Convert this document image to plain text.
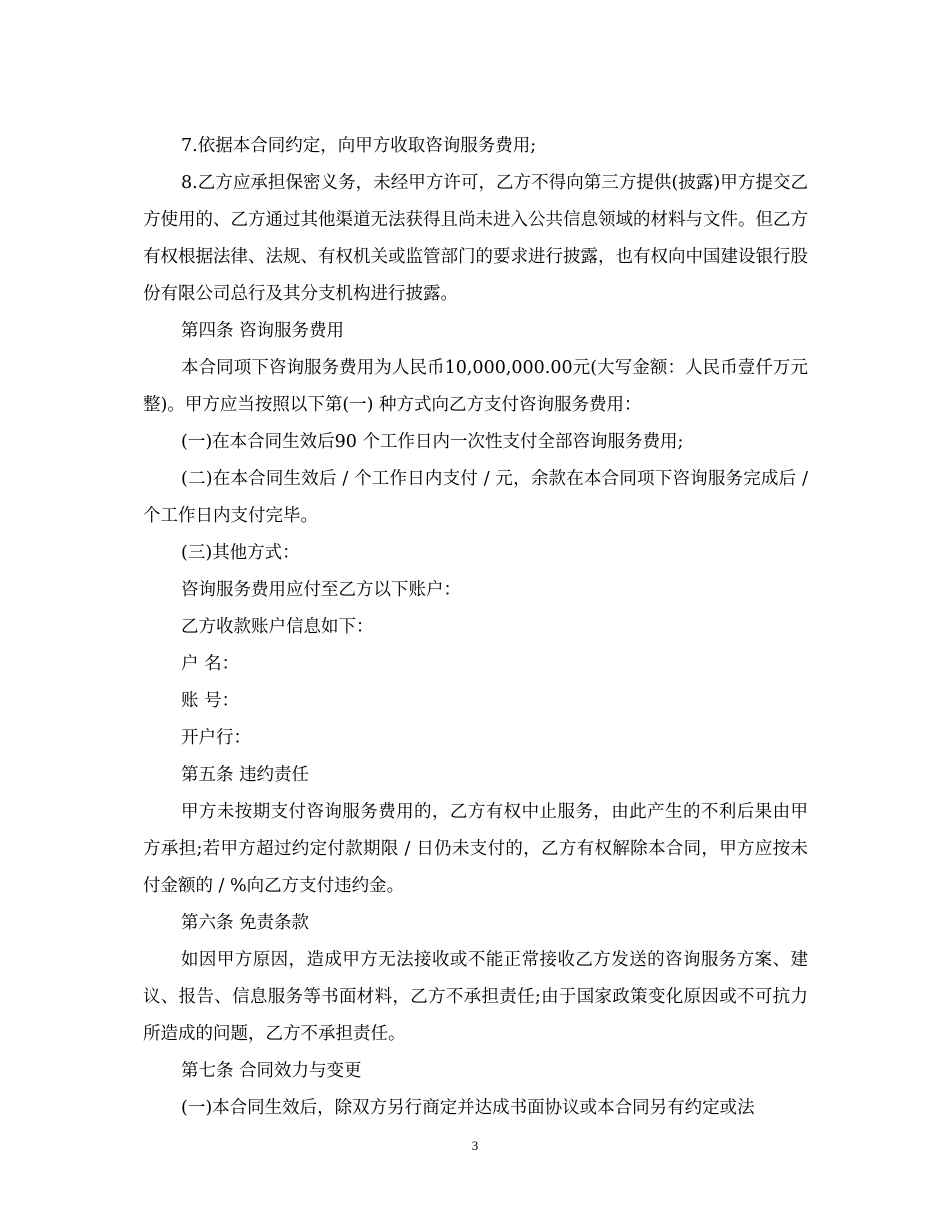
7.依据本合同约定，向甲方收取咨询服务费用;

8.乙方应承担保密义务，未经甲方许可，乙方不得向第三方提供(披露)甲方提交乙方使用的、乙方通过其他渠道无法获得且尚未进入公共信息领域的材料与文件。但乙方有权根据法律、法规、有权机关或监管部门的要求进行披露，也有权向中国建设银行股份有限公司总行及其分支机构进行披露。

第四条 咨询服务费用

本合同项下咨询服务费用为人民币10,000,000.00元(大写金额：人民币壹仟万元整)。甲方应当按照以下第(一) 种方式向乙方支付咨询服务费用：

(一)在本合同生效后90 个工作日内一次性支付全部咨询服务费用;

(二)在本合同生效后 / 个工作日内支付 / 元，余款在本合同项下咨询服务完成后 / 个工作日内支付完毕。

(三)其他方式：

咨询服务费用应付至乙方以下账户：

乙方收款账户信息如下：

户 名：

账 号：

开户行：

第五条 违约责任

甲方未按期支付咨询服务费用的，乙方有权中止服务，由此产生的不利后果由甲方承担;若甲方超过约定付款期限 / 日仍未支付的，乙方有权解除本合同，甲方应按未付金额的 / %向乙方支付违约金。

第六条 免责条款

如因甲方原因，造成甲方无法接收或不能正常接收乙方发送的咨询服务方案、建议、报告、信息服务等书面材料，乙方不承担责任;由于国家政策变化原因或不可抗力所造成的问题，乙方不承担责任。

第七条 合同效力与变更

(一)本合同生效后，除双方另行商定并达成书面协议或本合同另有约定或法

3
